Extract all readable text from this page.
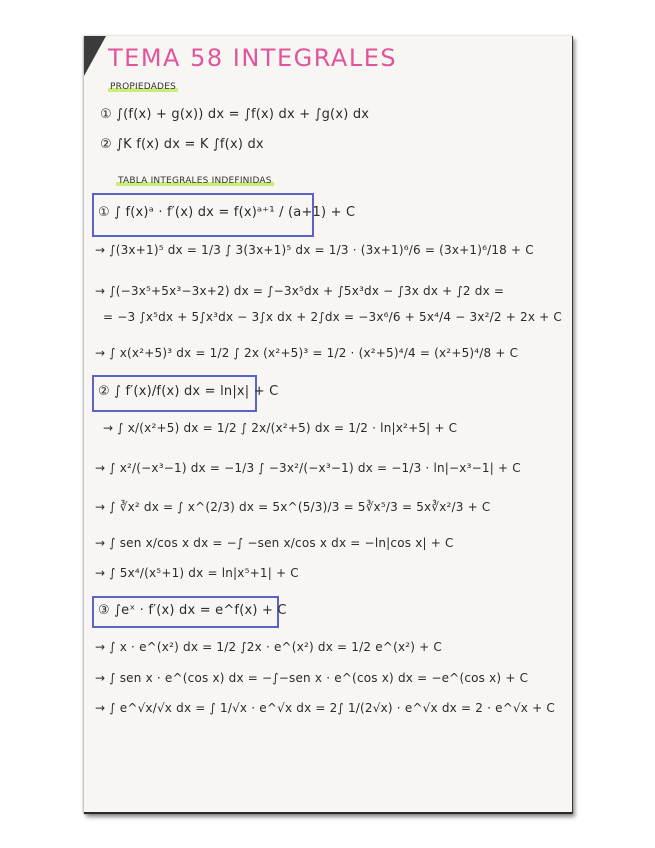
TEMA 58 INTEGRALES
PROPIEDADES
① ∫(f(x) + g(x)) dx = ∫f(x) dx + ∫g(x) dx
② ∫K f(x) dx = K ∫f(x) dx
TABLA INTEGRALES INDEFINIDAS
① ∫ f(x)ᵃ · f′(x) dx = f(x)ᵃ⁺¹ / (a+1) + C
→ ∫(3x+1)⁵ dx = 1/3 ∫ 3(3x+1)⁵ dx = 1/3 · (3x+1)⁶/6 = (3x+1)⁶/18 + C
→ ∫(−3x⁵+5x³−3x+2) dx = ∫−3x⁵dx + ∫5x³dx − ∫3x dx + ∫2 dx =
= −3 ∫x⁵dx + 5∫x³dx − 3∫x dx + 2∫dx = −3x⁶/6 + 5x⁴/4 − 3x²/2 + 2x + C
→ ∫ x(x²+5)³ dx = 1/2 ∫ 2x (x²+5)³ = 1/2 · (x²+5)⁴/4 = (x²+5)⁴/8 + C
② ∫ f′(x)/f(x) dx = ln|x| + C
→ ∫ x/(x²+5) dx = 1/2 ∫ 2x/(x²+5) dx = 1/2 · ln|x²+5| + C
→ ∫ x²/(−x³−1) dx = −1/3 ∫ −3x²/(−x³−1) dx = −1/3 · ln|−x³−1| + C
→ ∫ ∛x² dx = ∫ x^(2/3) dx = 5x^(5/3)/3 = 5∛x⁵/3 = 5x∛x²/3 + C
→ ∫ sen x/cos x dx = −∫ −sen x/cos x dx = −ln|cos x| + C
→ ∫ 5x⁴/(x⁵+1) dx = ln|x⁵+1| + C
③ ∫eˣ · f′(x) dx = e^f(x) + C
→ ∫ x · e^(x²) dx = 1/2 ∫2x · e^(x²) dx = 1/2 e^(x²) + C
→ ∫ sen x · e^(cos x) dx = −∫−sen x · e^(cos x) dx = −e^(cos x) + C
→ ∫ e^√x/√x dx = ∫ 1/√x · e^√x dx = 2∫ 1/(2√x) · e^√x dx = 2 · e^√x + C
